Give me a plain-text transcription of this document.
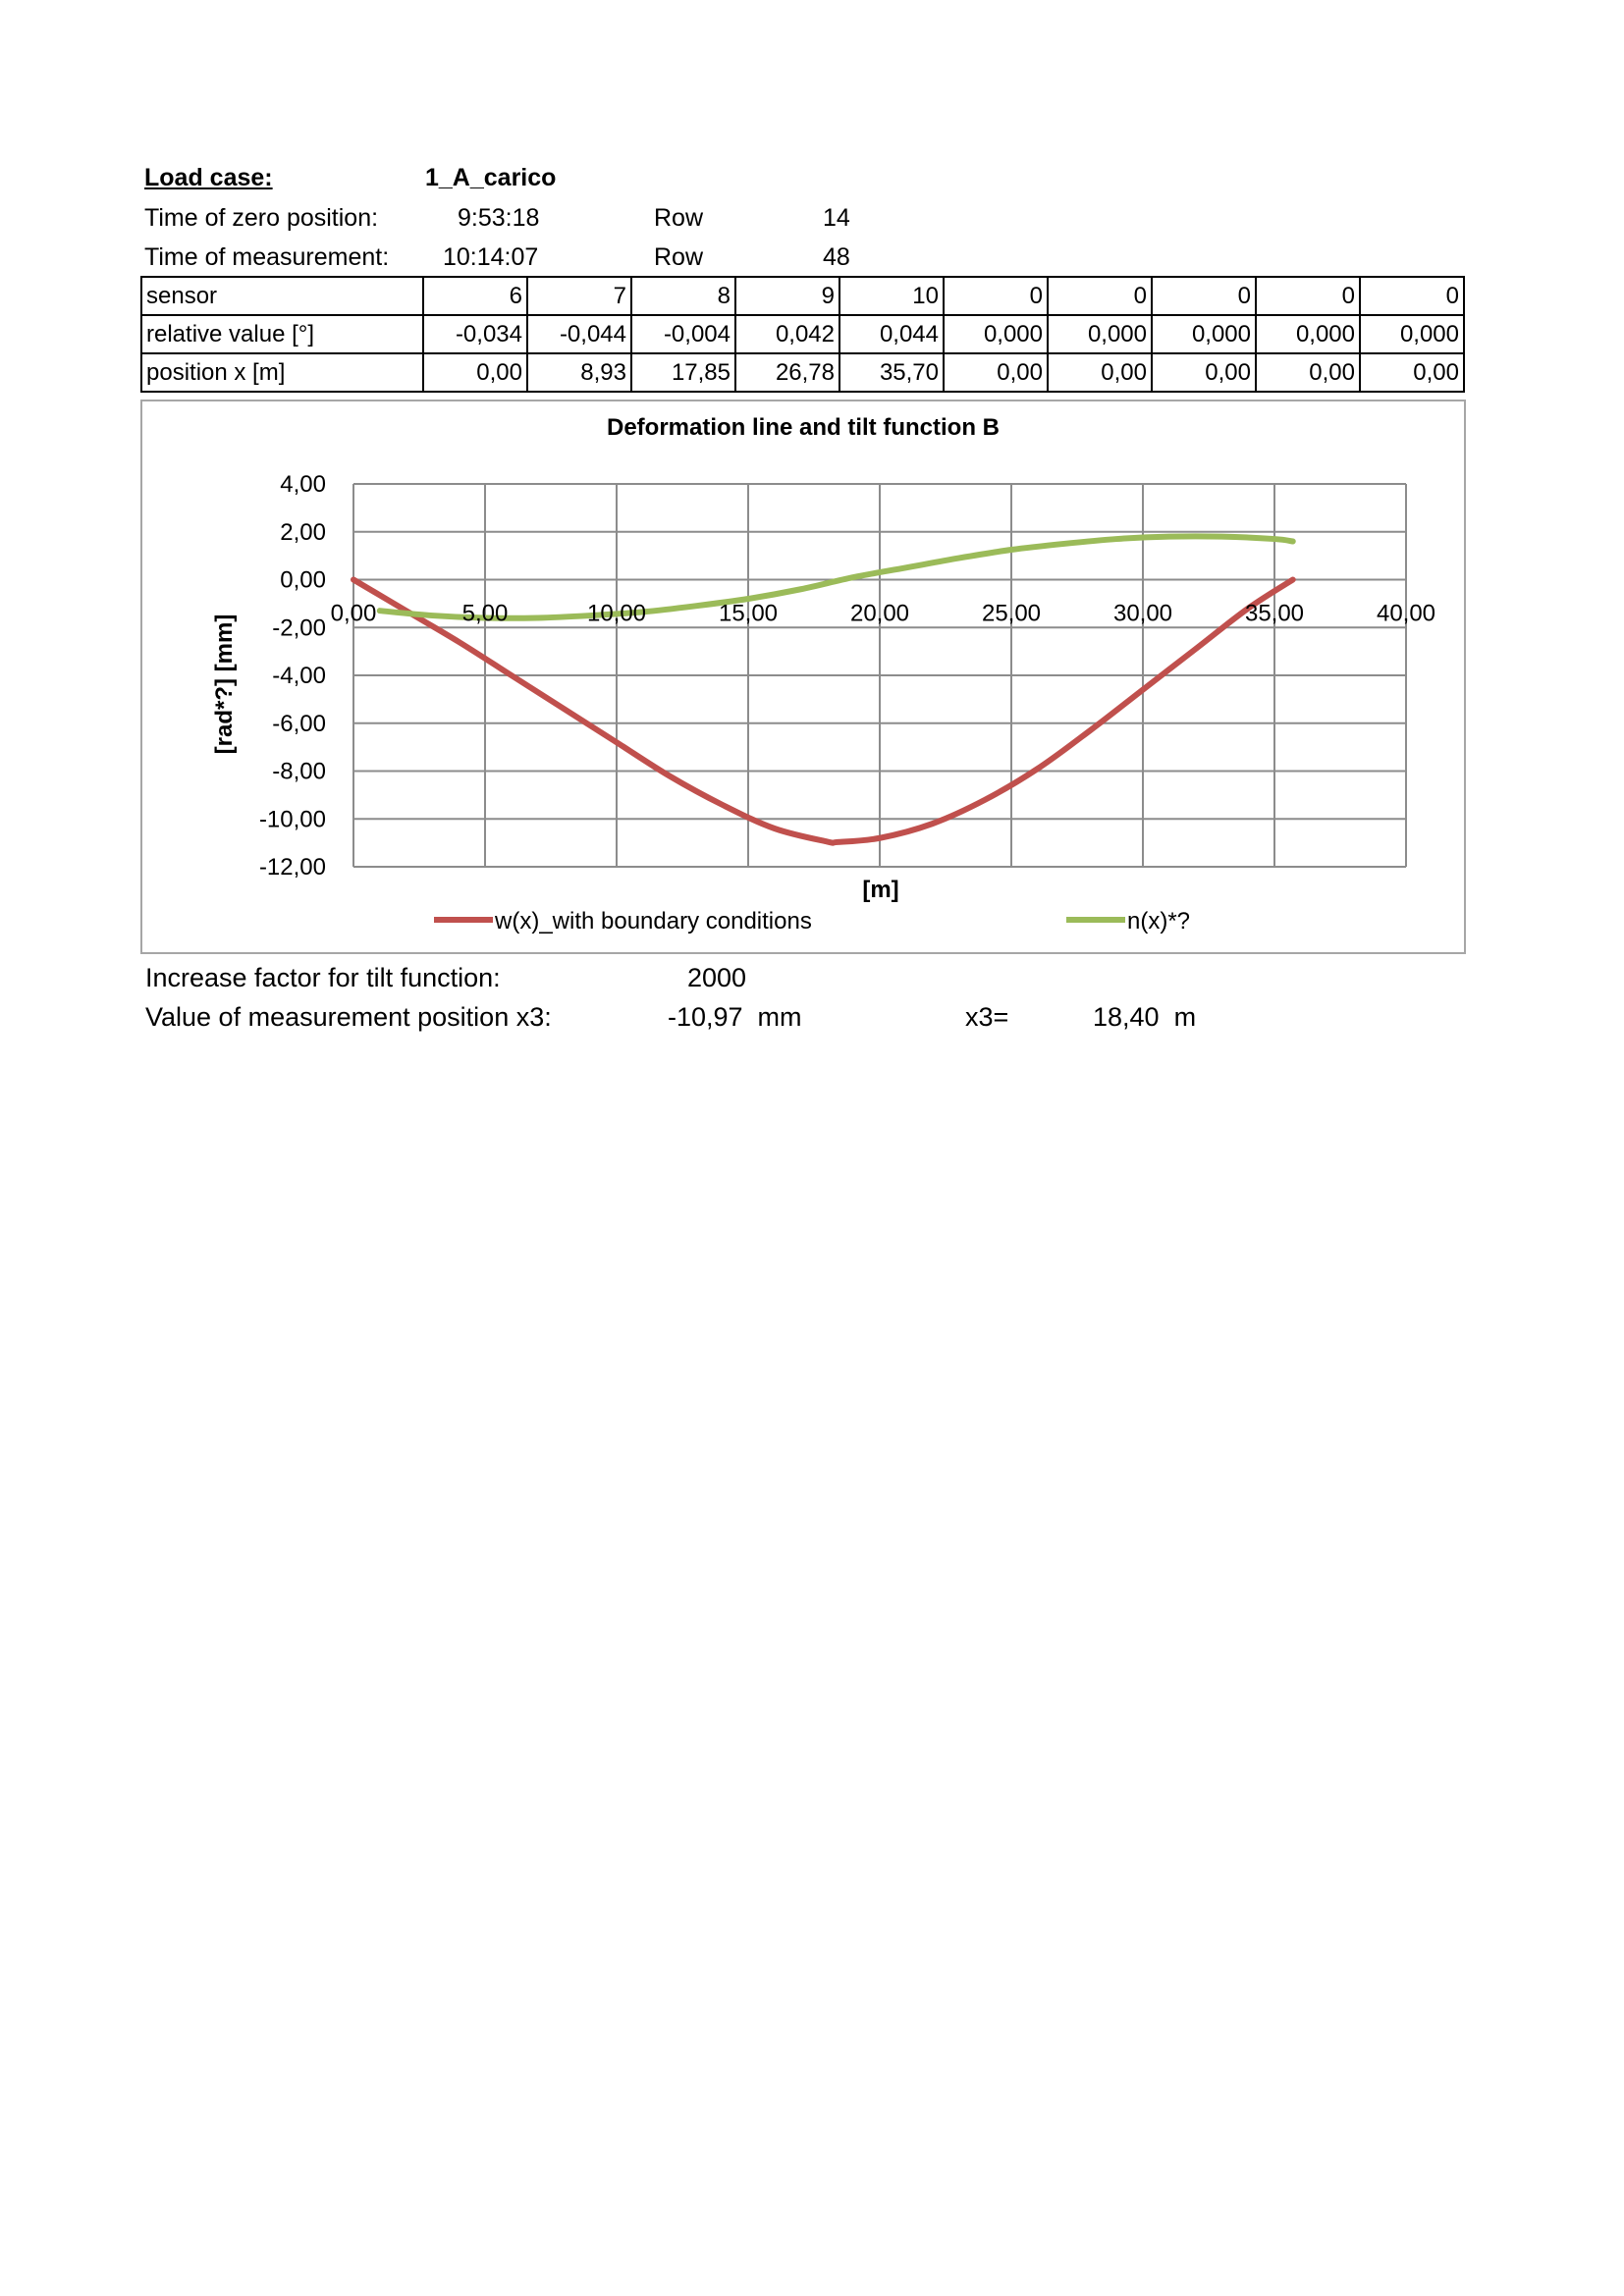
Load case:	1_A_carico
Time of zero position:	9:53:18	Row	14
Time of measurement: 10:14:07	Row	48
sensor	6	7	8	9	10	0	0	0	0	0
relative value [°]	-0,034	-0,044	-0,004	0,042	0,044	0,000	0,000	0,000	0,000	0,000
position x [m]	0,00	8,93	17,85	26,78	35,70	0,00	0,00	0,00	0,00	0,00
Deformation line and tilt function B
4,00
2,00
0,00
-2,00
-4,00
-6,00
-8,00
-10,00
-12,00
0,00	5,00	10,00	15,00	20,00	25,00	30,00	35,00	40,00
[rad*?] [mm]
[m]
w(x)_with boundary conditions	n(x)*?
Increase factor for tilt function:	2000
Value of measurement position x3:	-10,97  mm	x3=	18,40  m
